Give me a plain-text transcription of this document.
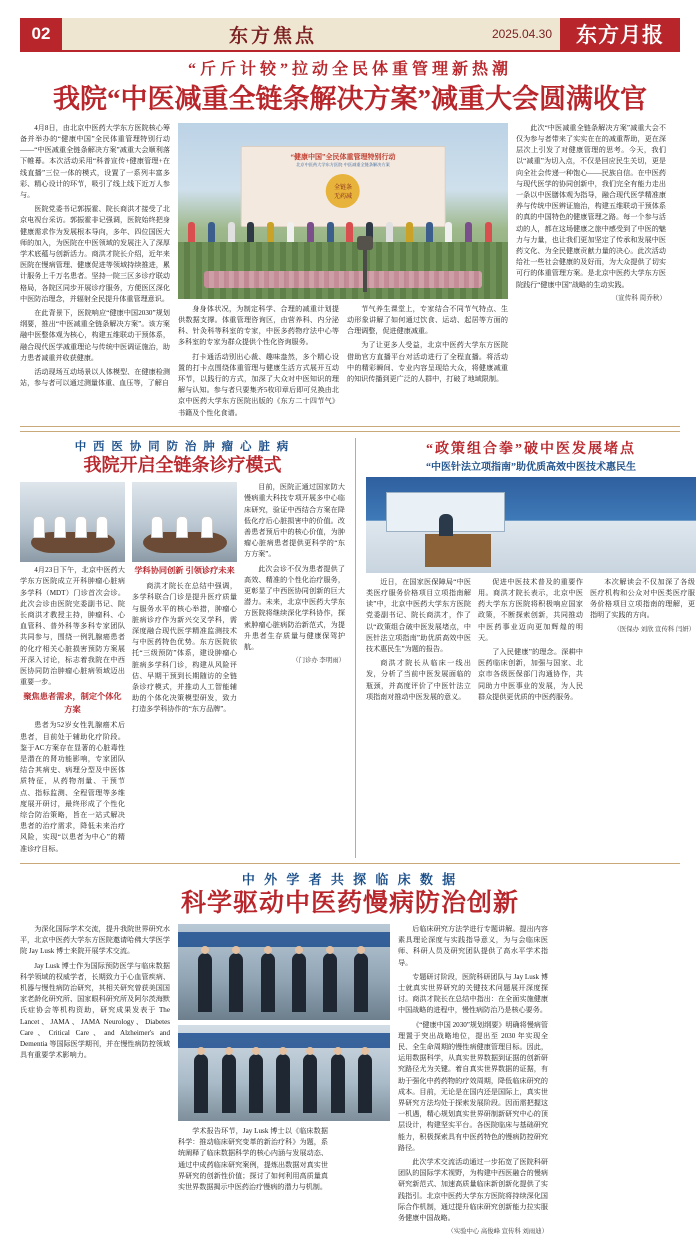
02	东方焦点	2025.04.30	东方月报
“斤斤计较”拉动全民体重管理新热潮
我院“中医减重全链条解决方案”减重大会圆满收官

4月8日，由北京中医药大学东方医院核心筹备并举办的“健康中国”全民体重管理特别行动——“中医减重全链条解决方案”减重大会顺利落下帷幕。本次活动采用“科普宣传+健康管理+在线直播”三位一体的模式，设置了一系列丰富多彩、精心设计的环节，吸引了线上线下近万人参与。

医院党委书记郭振霍、院长商洪才接受了北京电视台采访。郭振霍非记强调，医院始终把身健康需求作为发展根本导向，多年、四位国医大师的加入，为医院在中医领域的发展注入了深厚学术底蕴与创新活力。商洪才院长介绍，近年来医院在慢病管理、健康促进等领域持续推进，累计服务上千万名患者。坚持一院三区多诊疗联动格局，各院区同步开展诊疗服务，方便医区深化中医防治理念，并辐射全民提升体重管理意识。

在此背景下，医院响应“健康中国2030”规划纲要，推出“中医减重全链条解决方案”。该方案融中医整体观为核心，构建五维联动干预体系，融合现代医学减重理论与传统中医调证施治，助力患者减重并收获健康。

活动现场互动场景以人体模型、在健康检测站，参与者可以通过测量体重、血压等，了解自

“健康中国”全民体重管理特别行动
北京中医药大学东方医院·中医减重全链条解决方案
全链条
无药减

身身体状况，为制定科学、合理的减重计划提供数据支撑。体重管理咨询区，由营养科、内分泌科、针灸科等科室的专家，中医多药物疗法中心等多科室的专家为群众提供个性化咨询服务。

打卡通活动别出心裁、趣味盎然，多个精心设置的打卡点围绕体重管理与健康生活方式展开互动环节，以践行的方式，加深了大众对中医知识的理解与认知。参与者只要集齐5枚印章后即可兑换由北京中医药大学东方医院出版的《东方二十四节气》书籍及个性化食谱。

节气养生课堂上，专家结合不同节气特点、生动形象讲解了如何通过饮食、运动、起居等方面的合理调整，促进健康减重。

为了让更多人受益，北京中医药大学东方医院借助官方直播平台对活动进行了全程直播。将活动中的精彩瞬间、专业内容呈现给大众，将健康减重的知识传播到更广泛的人群中，打破了地域限制。

此次“中医减重全链条解决方案”减重大会不仅为参与者带来了实实在在的减重帮助，更在深层次上引发了对健康管理的思考。今天，我们以“减重”为切入点，不仅是回应民生关切，更是向全社会传递一种饱心——民族自信。在中医药与现代医学的协同创新中，我们完全有能力走出一条以中医膳体观为指导，融合现代医学精准康养与传统中医辨证施治，构建五维联动干预体系的真的中国特色的健康管理之路。每一个参与活动的人，都在这场健康之旅中感受到了中医的魅力与力量，也让我们更加坚定了传承和发展中医药文化、为全民健康贡献力量的决心。此次活动给社一些社会健康的及好而，为大众提供了切实可行的体重管理方案。是北京中医药大学东方医院践行“健康中国”战略的生动实践。

（宣传科 周乔秋）
中 西 医 协 同 防 治 肿 瘤 心 脏 病
我院开启全链条诊疗模式

4月23日下午，北京中医药大学东方医院成立开科肿瘤心脏病多学科（MDT）门诊首次会诊。此次会诊由医院完委副书记、院长商洪才教授主持，肿瘤科、心血管科、普外科等多科专家团队共同参与，围绕一例乳腺癌患者的化疗相关心脏损害预防方案展开深入讨论，标志着我院在中西医协同防治肿瘤心脏病领域迈出重要一步。

聚焦患者需求，制定个体化方案

患者为52岁女性乳腺癌术后患者，目前处于辅助化疗阶段。鉴于AC方案存在显著的心脏毒性是潜在的肾功能影响，专家团队结合其病史、病理分型及中医体质特征，从药物剂量、干预节点、指标监测、全程管理等多维度展开研讨，最终形成了个性化综合防治策略，旨在一站式解决患者的治疗需求，降低未来治疗风险，实现“以患者为中心”的精准诊疗目标。

学科协同创新 引领诊疗未来

商洪才院长在总结中强调，多学科联合门诊是提升医疗质量与服务水平的核心举措，肿瘤心脏病诊疗作为新兴交叉学科，需深度融合现代医学精准监测技术与中医药特色优势。东方医院依托“三级预防”体系，建设肿瘤心脏病多学科门诊，构建从风险评估、早期干预到长期随访的全链条诊疗模式，并推动人工智能辅助的个体化决策模型研发，致力打造多学科协作的“东方品牌”。

目前，医院正通过国家防大慢病重大科技专项开展多中心临床研究，验证中西结合方案在降低化疗后心脏损害中的价值。改善患者预后中的核心价值，为肿瘤心脏病患者提供更科学的“东方方案”。

此次会诊不仅为患者提供了高效、精准的个性化治疗服务，更彰显了中西医协同创新的巨大潜力。未来，北京中医药大学东方医院将继续深化学科协作，探索肿瘤心脏病防治新范式，为提升患者生存质量与健康保驾护航。

（门诊办 李明雨）
“政策组合拳”破中医发展堵点
“中医针法立项指南”助优质高效中医技术惠民生

近日，在国家医保障局“中医类医疗服务价格项目立项指南解读”中，北京中医药大学东方医院党委副书记、院长商洪才，作了以“政策组合破中医发展堵点，中医针法立项指南”助优质高效中医技术惠民生”为题的报告。

商洪才院长从临床一线出发，分析了当前中医发展面临的瓶颈，并高度评价了中医针法立项指南对推动中医发展的意义。

促进中医技术普及的重要作用。商洪才院长表示，北京中医药大学东方医院将积极响应国家政策，不断探索创新，共同推动中医药事业迈向更加辉煌的明天。

了入民健康”的理念。深耕中医药临床创新，加强与国家、北京市各级医保部门沟通协作，共同助力中医事业的发展，为人民群众提供更优质的中医药服务。

本次解读会不仅加深了各级医疗机构和公众对中医类医疗服务价格项目立项指南的理解，更指明了实践的方向。

（医保办 刘欣 宣传科 闫妍）
中 外 学 者 共 探 临 床 数 据
科学驱动中医药慢病防治创新

为深化国际学术交流，提升我院世界研究水平，北京中医药大学东方医院邀请哈佛大学医学院 Jay Lusk 博士来院开展学术交流。

Jay Lusk 博士作为国际预防医学与临床数据科学领域的权威学者，长期致力于心血管疾病、机器与慢性病防治研究，其相关研究曾获美国国家老龄化研究所、国家眼科研究所及阿尔茨海默氏症协会等机构资助，研究成果发表于 The Lancet、JAMA、JAMA Neurology、Diabetes Care、Critical Care、and Alzheimer's and Dementia 等国际医学期刊，并在慢性病防控领域具有重要学术影响力。

学术报告环节，Jay Lusk 博士以《临床数据科学：推动临床研究变革的新治疗科》为题，系统阐释了临床数据科学的核心内涵与发展动态、通过中成药临床研究案例，提炼出数据对真实世界研究的创新性价值；探讨了如何利用高质量真实世界数据揭示中医药治疗慢病的潜力与机制。

后临床研究方法学进行专题讲解。提出内容素具理论深度与实践指导意义，为与会临床医师、科研人员及研究团队提供了高水平学术指导。

专题研讨阶段，医院科研团队与 Jay Lusk 博士就真实世界研究的关键技术问题展开深度探讨。商洪才院长在总结中指出：在全面实施健康中国战略的进程中，慢性病防治乃是核心要务。

《“健康中国 2030”规划纲要》明确将慢病管理置于突出战略地位，提出至 2030 年实现全民、全生命周期的慢性病健康管理目标。因此，运用数据科学，从真实世界数据到证据的创新研究路径尤为关键。着自真实世界数据的证据，有助于强化中药药物的疗效周期，降低临床研究的成本。目前，无论是在国内还是国际上，真实世界研究方法均处于探索发展阶段。因而需把握这一机遇，精心规划真实世界研制新研究中心的顶层设计，构建坚实平台。各医院临床与基础研究能力，积极探索具有中医药特色的慢病防控研究路径。

此次学术交流活动通过一步拓宽了医院科研团队的国际学术视野，为构建中西医融合的慢病研究新范式、加速高质量临床新创新化提供了实践指引。北京中医药大学东方医院将持续深化国际合作机制，通过提升临床研究创新能力拉实服务健康中国战略。

（实验中心 高俊峰 宣传科 刘雨迪）
